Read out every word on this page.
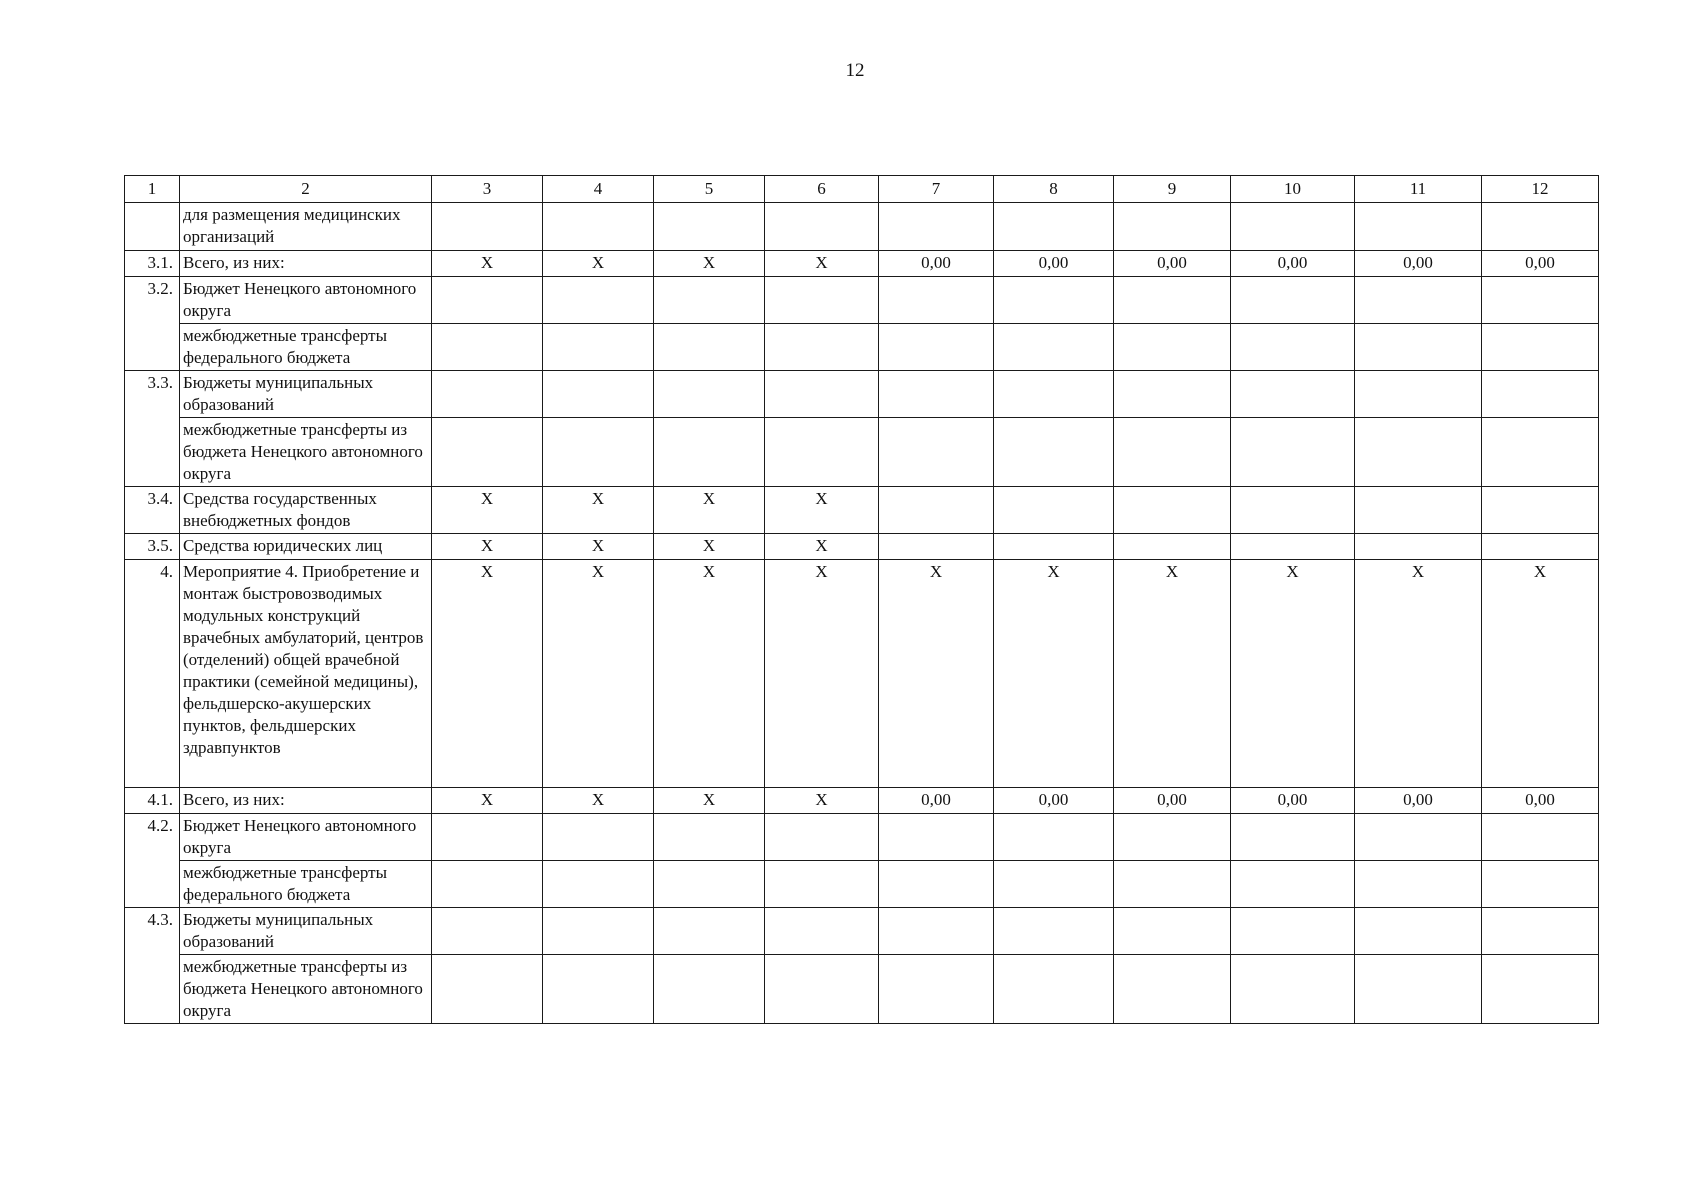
12
1	2	3	4	5	6	7	8	9	10	11	12
	для размещения медицинских организаций										
3.1.	Всего, из них:	X	X	X	X	0,00	0,00	0,00	0,00	0,00	0,00
3.2.	Бюджет Ненецкого автономного округа										
	межбюджетные трансферты федерального бюджета										
3.3.	Бюджеты муниципальных образований										
	межбюджетные трансферты из бюджета Ненецкого автономного округа										
3.4.	Средства государственных внебюджетных фондов	X	X	X	X						
3.5.	Средства юридических лиц	X	X	X	X						
4.	Мероприятие 4. Приобретение и монтаж быстровозводимых модульных конструкций врачебных амбулаторий, центров (отделений) общей врачебной практики (семейной медицины), фельдшерско-акушерских пунктов, фельдшерских здравпунктов	X	X	X	X	X	X	X	X	X	X
4.1.	Всего, из них:	X	X	X	X	0,00	0,00	0,00	0,00	0,00	0,00
4.2.	Бюджет Ненецкого автономного округа										
	межбюджетные трансферты федерального бюджета										
4.3.	Бюджеты муниципальных образований										
	межбюджетные трансферты из бюджета Ненецкого автономного округа										
